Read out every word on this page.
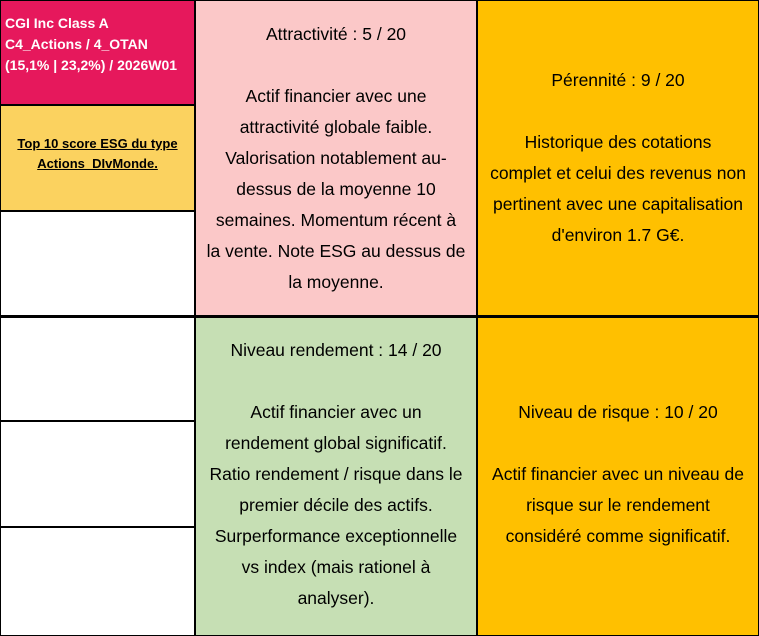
CGI Inc Class A
C4_Actions / 4_OTAN
(15,1% | 23,2%) / 2026W01
Top 10 score ESG du type
Actions_DIvMonde.
Attractivité : 5 / 20
Actif financier avec une
attractivité globale faible.
Valorisation notablement au-
dessus de la moyenne 10
semaines. Momentum récent à
la vente. Note ESG au dessus de
la moyenne.
Pérennité : 9 / 20
Historique des cotations
complet et celui des revenus non
pertinent avec une capitalisation
d'environ 1.7 G€.
Niveau rendement : 14 / 20
Actif financier avec un
rendement global significatif.
Ratio rendement / risque dans le
premier décile des actifs.
Surperformance exceptionnelle
vs index (mais rationel à
analyser).
Niveau de risque : 10 / 20
Actif financier avec un niveau de
risque sur le rendement
considéré comme significatif.
